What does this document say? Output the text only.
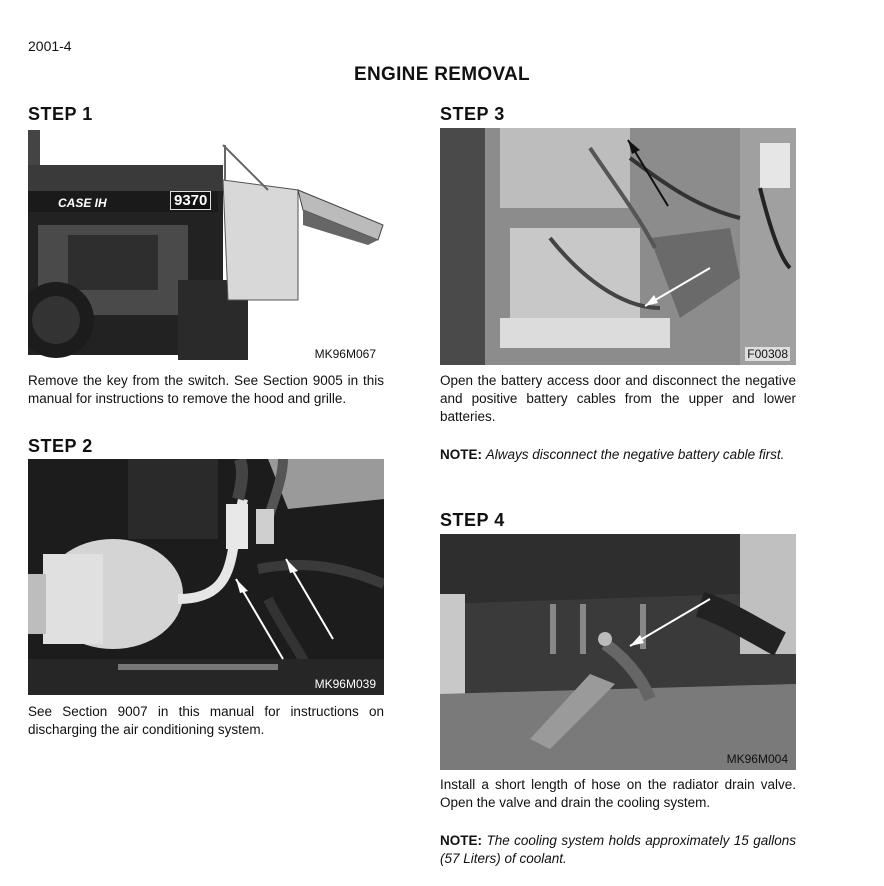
2001-4
ENGINE REMOVAL
STEP 1
CASE IH	9370
MK96M067
Remove the key from the switch. See Section 9005 in this manual for instructions to remove the hood and grille.
STEP 2
MK96M039
See Section 9007 in this manual for instructions on discharging the air conditioning system.
STEP 3
F00308
Open the battery access door and disconnect the negative and positive battery cables from the upper and lower batteries.
NOTE: Always disconnect the negative battery cable first.
STEP 4
MK96M004
Install a short length of hose on the radiator drain valve. Open the valve and drain the cooling system.
NOTE: The cooling system holds approximately 15 gallons (57 Liters) of coolant.
